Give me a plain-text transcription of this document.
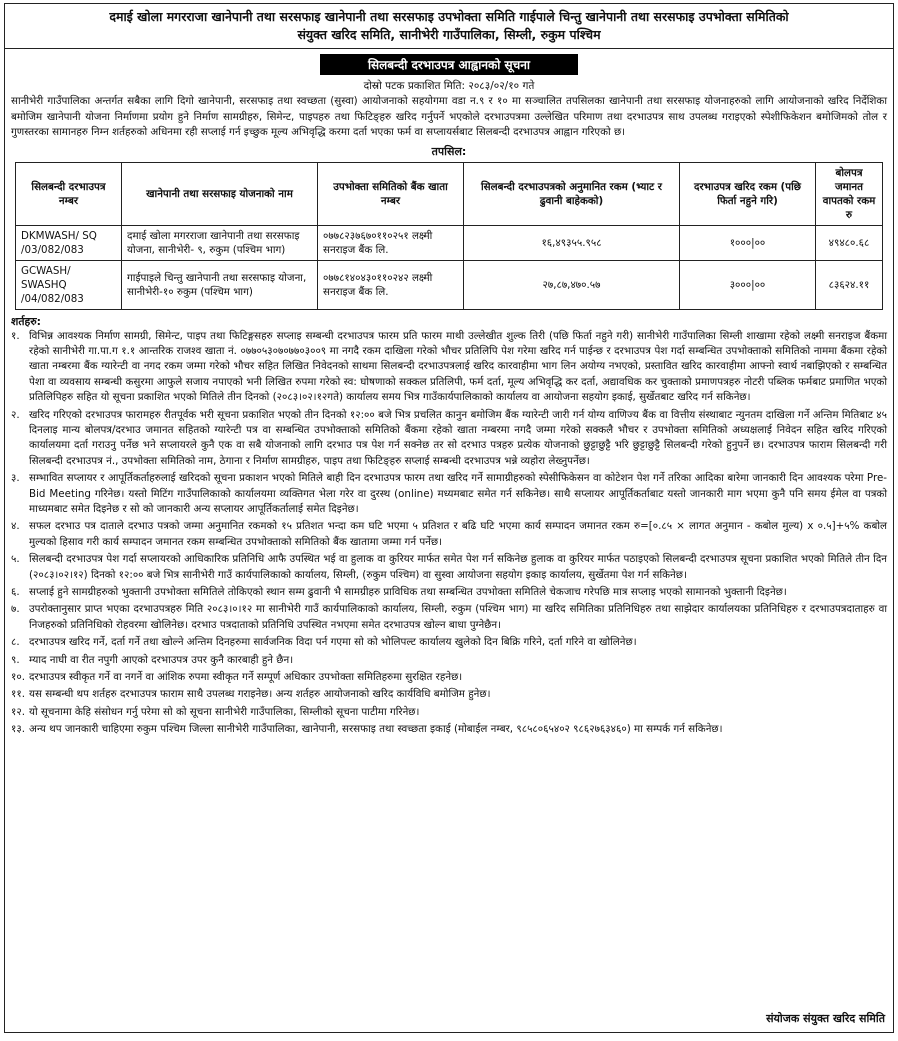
दमाई खोला मगरराजा खानेपानी तथा सरसफाइ खानेपानी तथा सरसफाइ उपभोक्ता समिति गाईपाले चिन्तु खानेपानी तथा सरसफाइ उपभोक्ता समितिको
संयुक्त खरिद समिति, सानीभेरी गाउँपालिका, सिम्ली, रुकुम पश्चिम
सिलबन्दी दरभाउपत्र आह्वानको सूचना
दोस्रो पटक प्रकाशित मिति: २०८३/०२/१० गते
सानीभेरी गाउँपालिका अन्तर्गत सबैका लागि दिगो खानेपानी, सरसफाइ तथा स्वच्छता (सुस्वा) आयोजनाको सहयोगमा वडा न.९ र १० मा सञ्चालित तपसिलका खानेपानी तथा सरसफाइ योजनाहरुको लागि आयोजनाको खरिद निर्देशिका बमोजिम खानेपानी योजना निर्माणमा प्रयोग हुने निर्माण सामग्रीहरु, सिमेन्ट, पाइपहरु तथा फिटिङ्हरु खरिद गर्नुपर्ने भएकोले दरभाउपत्रमा उल्लेखित परिमाण तथा दरभाउपत्र साथ उपलब्ध गराइएको स्पेशीफिकेशन बमोजिमको तोल र गुणस्तरका सामानहरु निम्न शर्तहरुको अधिनमा रही सप्लाई गर्न इच्छुक मूल्य अभिवृद्धि करमा दर्ता भएका फर्म वा सप्लायर्सबाट सिलबन्दी दरभाउपत्र आह्वान गरिएको छ।
तपसिल:
सिलबन्दी दरभाउपत्र नम्बर	खानेपानी तथा सरसफाइ योजनाको नाम	उपभोक्ता समितिको बैंक खाता नम्बर	सिलबन्दी दरभाउपत्रको अनुमानित रकम (भ्याट र ढुवानी बाहेकको)	दरभाउपत्र खरिद रकम (पछि फिर्ता नहुने गरि)	बोलपत्र जमानत वापतको रकम रु
DKMWASH/ SQ /03/082/083	दमाई खोला मगरराजा खानेपानी तथा सरसफाइ योजना, सानीभेरी- ९, रुकुम (पश्चिम भाग)	०७७८२३७६७०११०२५१ लक्ष्मी सनराइज बैंक लि.	१६,४९३५५.९५८	१०००|००	४९४८०.६८
GCWASH/ SWASHQ /04/082/083	गाईपाइले चिन्तु खानेपानी तथा सरसफाइ योजना, सानीभेरी-१० रुकुम (पश्चिम भाग)	०७७८१४०४३०११०२४२ लक्ष्मी सनराइज बैंक लि.	२७,८७,४७०.५७	३०००|००	८३६२४.११
शर्तहरु:
१. विभिन्न आवश्यक निर्माण सामग्री, सिमेन्ट, पाइप तथा फिटिङ्गसहरु सप्लाइ सम्बन्धी दरभाउपत्र फारम प्रति फारम माथी उल्लेखीत शुल्क तिरी (पछि फिर्ता नहुने गरी) सानीभेरी गाउँपालिका सिम्ली शाखामा रहेको लक्ष्मी सनराइज बैंकमा रहेको सानीभेरी गा.पा.ग १.१ आन्तरिक राजश्व खाता नं. ०७७०५३०७०७७०३००९ मा नगदै रकम दाखिला गरेको भौचर प्रतिलिपि पेश गरेमा खरिद गर्न पाईन्छ र दरभाउपत्र पेश गर्दा सम्बन्धित उपभोक्ताको समितिको नाममा बैंकमा रहेको खाता नम्बरमा बैंक ग्यारेन्टी वा नगद रकम जम्मा गरेको भौचर सहित लिखित निवेदनको साथमा सिलबन्दी दरभाउपत्रलाई खरिद कारवाहीमा भाग लिन अयोग्य नभएको, प्रस्तावित खरिद कारवाहीमा आफ्नो स्वार्थ नबाझिएको र सम्बन्धित पेशा वा व्यवसाय सम्बन्धी कसुरमा आफुले सजाय नपाएको भनी लिखित रुपमा गरेको स्व: घोषणाको सक्कल प्रतिलिपी, फर्म दर्ता, मूल्य अभिवृद्धि कर दर्ता, अद्यावधिक कर चुक्ताको प्रमाणपत्रहरु नोटरी पब्लिक फर्मबाट प्रमाणित भएको प्रतिलिपिहरु सहित यो सूचना प्रकाशित भएको मितिले तीन दिनको (२०८३।०२।१२गते) कार्यालय समय भित्र गाउँकार्यपालिकाको कार्यालय वा आयोजना सहयोग इकाई, सुर्खेतबाट खरिद गर्न सकिनेछ।
२. खरिद गरिएको दरभाउपत्र फारामहरु रीतपूर्वक भरी सूचना प्रकाशित भएको तीन दिनको १२:०० बजे भित्र प्रचलित कानुन बमोजिम बैंक ग्यारेन्टी जारी गर्न योग्य वाणिज्य बैंक वा वित्तीय संस्थाबाट न्युनतम दाखिला गर्ने अन्तिम मितिबाट ४५ दिनलाइ मान्य बोलपत्र/दरभाउ जमानत सहितको ग्यारेन्टी पत्र वा सम्बन्धित उपभोक्ताको समितिको बैंकमा रहेको खाता नम्बरमा नगदै जम्मा गरेको सक्कलै भौचर र उपभोक्ता समितिको अध्यक्षलाई निवेदन सहित खरिद गरिएको कार्यालयमा दर्ता गराउनु पर्नेछ भने सप्लायरले कुनै एक वा सबै योजनाको लागि दरभाउ पत्र पेश गर्न सक्नेछ तर सो दरभाउ पत्रहरु प्रत्येक योजनाको छुट्टाछुट्टै भरि छुट्टाछुट्टै सिलबन्दी गरेको हुनुपर्ने छ। दरभाउपत्र फाराम सिलबन्दी गरी सिलबन्दी दरभाउपत्र नं., उपभोक्ता समितिको नाम, ठेगाना र निर्माण सामग्रीहरु, पाइप तथा फिटिङ्हरु सप्लाई सम्बन्धी दरभाउपत्र भन्ने व्यहोरा लेख्नुपर्नेछ।
३. सम्भावित सप्लायर र आपूर्तिकर्ताहरुलाई खरिदको सूचना प्रकाशन भएको मितिले बाही दिन दरभाउपत्र फारम तथा खरिद गर्ने सामाग्रीहरुको स्पेसीफिकेसन वा कोटेशन पेश गर्ने तरिका आदिका बारेमा जानकारी दिन आवश्यक परेमा Pre-Bid Meeting गरिनेछ। यस्तो मिटिंग गाउँपालिकाको कार्यालयमा व्यक्तिगत भेला गरेर वा दुरस्थ (online) मध्यमबाट समेत गर्न सकिनेछ। साथै सप्लायर आपूर्तिकर्ताबाट यस्तो जानकारी माग भएमा कुनै पनि समय ईमेल वा पत्रको माध्यमबाट समेत दिइनेछ र सो को जानकारी अन्य सप्लायर आपूर्तिकर्तालाई समेत दिइनेछ।
४. सफल दरभाउ पत्र दाताले दरभाउ पत्रको जम्मा अनुमानित रकमको १५ प्रतिशत भन्दा कम घटि भएमा ५ प्रतिशत र बढि घटि भएमा कार्य सम्पादन जमानत रकम रु=[०.८५ × लागत अनुमान - कबोल मुल्य) x ०.५]+५% कबोल मुल्यको हिसाव गरी कार्य सम्पादन जमानत रकम सम्बन्धित उपभोक्ताको समितिको बैंक खातामा जम्मा गर्न पर्नेछ।
५. सिलबन्दी दरभाउपत्र पेश गर्दा सप्लायरको आधिकारिक प्रतिनिधि आफै उपस्थित भई वा हुलाक वा कुरियर मार्फत समेत पेश गर्न सकिनेछ हुलाक वा कुरियर मार्फत पठाइएको सिलबन्दी दरभाउपत्र सूचना प्रकाशित भएको मितिले तीन दिन (२०८३।०२।१२) दिनको १२:०० बजे भित्र सानीभेरी गाउँ कार्यपालिकाको कार्यालय, सिम्ली, (रुकुम पश्चिम) वा सुस्वा आयोजना सहयोग इकाइ कार्यालय, सुर्खेतमा पेश गर्न सकिनेछ।
६. सप्लाई हुने सामग्रीहरुको भुक्तानी उपभोक्ता समितिले तोकिएको स्थान सम्म ढुवानी भै सामग्रीहरु प्राविधिक तथा सम्बन्धित उपभोक्ता समितिले चेकजाच गरेपछि मात्र सप्लाइ भएको सामानको भुक्तानी दिइनेछ।
७. उपरोक्तानुसार प्राप्त भएका दरभाउपत्रहरु मिति २०८३।०।१२ मा सानीभेरी गाउँ कार्यपालिकाको कार्यालय, सिम्ली, रुकुम (पश्चिम भाग) मा खरिद समितिका प्रतिनिधिहरु तथा साझेदार कार्यालयका प्रतिनिधिहरु र दरभाउपत्रदाताहरु वा निजहरुको प्रतिनिधिको रोहवरमा खोलिनेछ। दरभाउ पत्रदाताको प्रतिनिधि उपस्थित नभएमा समेत दरभाउपत्र खोल्न बाधा पुग्नेछैन।
८. दरभाउपत्र खरिद गर्ने, दर्ता गर्ने तथा खोल्ने अन्तिम दिनहरुमा सार्वजनिक विदा पर्न गएमा सो को भोलिपल्ट कार्यालय खुलेको दिन बिक्रि गरिने, दर्ता गरिने वा खोलिनेछ।
९. म्याद नाघी वा रीत नपुगी आएको दरभाउपत्र उपर कुनै कारबाही हुने छैन।
१०. दरभाउपत्र स्वीकृत गर्ने वा नगर्ने वा आंशिक रुपमा स्वीकृत गर्ने सम्पूर्ण अधिकार उपभोक्ता समितिहरुमा सुरक्षित रहनेछ।
११. यस सम्बन्धी थप शर्तहरु दरभाउपत्र फाराम साथै उपलब्ध गराइनेछ। अन्य शर्तहरु आयोजनाको खरिद कार्यविधि बमोजिम हुनेछ।
१२. यो सूचनामा केहि संसोधन गर्नु परेमा सो को सूचना सानीभेरी गाउँपालिका, सिम्लीको सूचना पाटीमा गरिनेछ।
१३. अन्य थप जानकारी चाहिएमा रुकुम पश्चिम जिल्ला सानीभेरी गाउँपालिका, खानेपानी, सरसफाइ तथा स्वच्छता इकाई (मोबाईल नम्बर, ९८५८०६५४०२ ९८६२७६३४६०) मा सम्पर्क गर्न सकिनेछ।
संयोजक संयुक्त खरिद समिति
